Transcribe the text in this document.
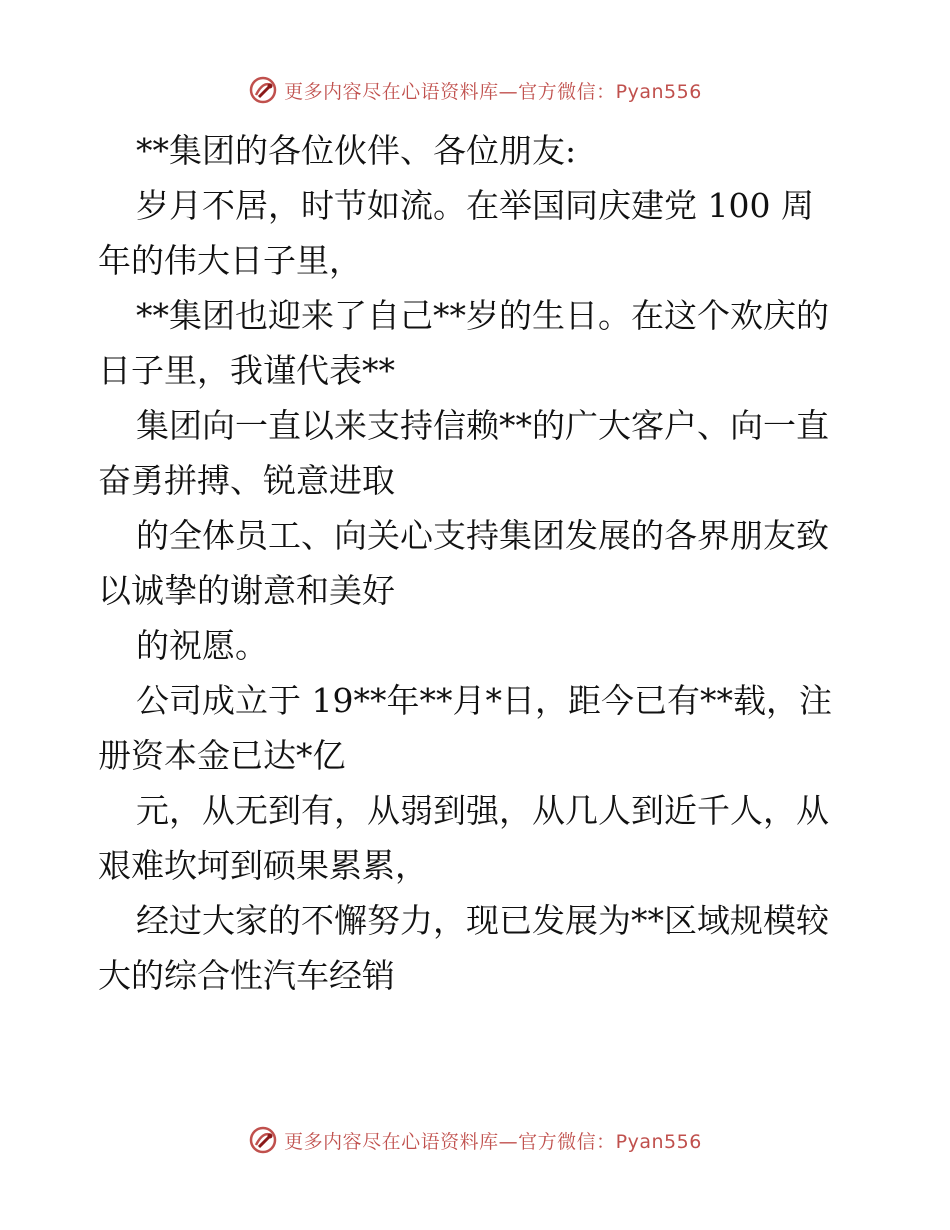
更多内容尽在心语资料库—官方微信：Pyan556

**集团的各位伙伴、各位朋友:

岁月不居，时节如流。在举国同庆建党 100 周

年的伟大日子里，

**集团也迎来了自己**岁的生日。在这个欢庆的

日子里，我谨代表**

集团向一直以来支持信赖**的广大客户、向一直

奋勇拼搏、锐意进取

的全体员工、向关心支持集团发展的各界朋友致

以诚挚的谢意和美好

的祝愿。

公司成立于 19**年**月*日，距今已有**载，注

册资本金已达*亿

元，从无到有，从弱到强，从几人到近千人，从

艰难坎坷到硕果累累，

经过大家的不懈努力，现已发展为**区域规模较

大的综合性汽车经销

更多内容尽在心语资料库—官方微信：Pyan556
